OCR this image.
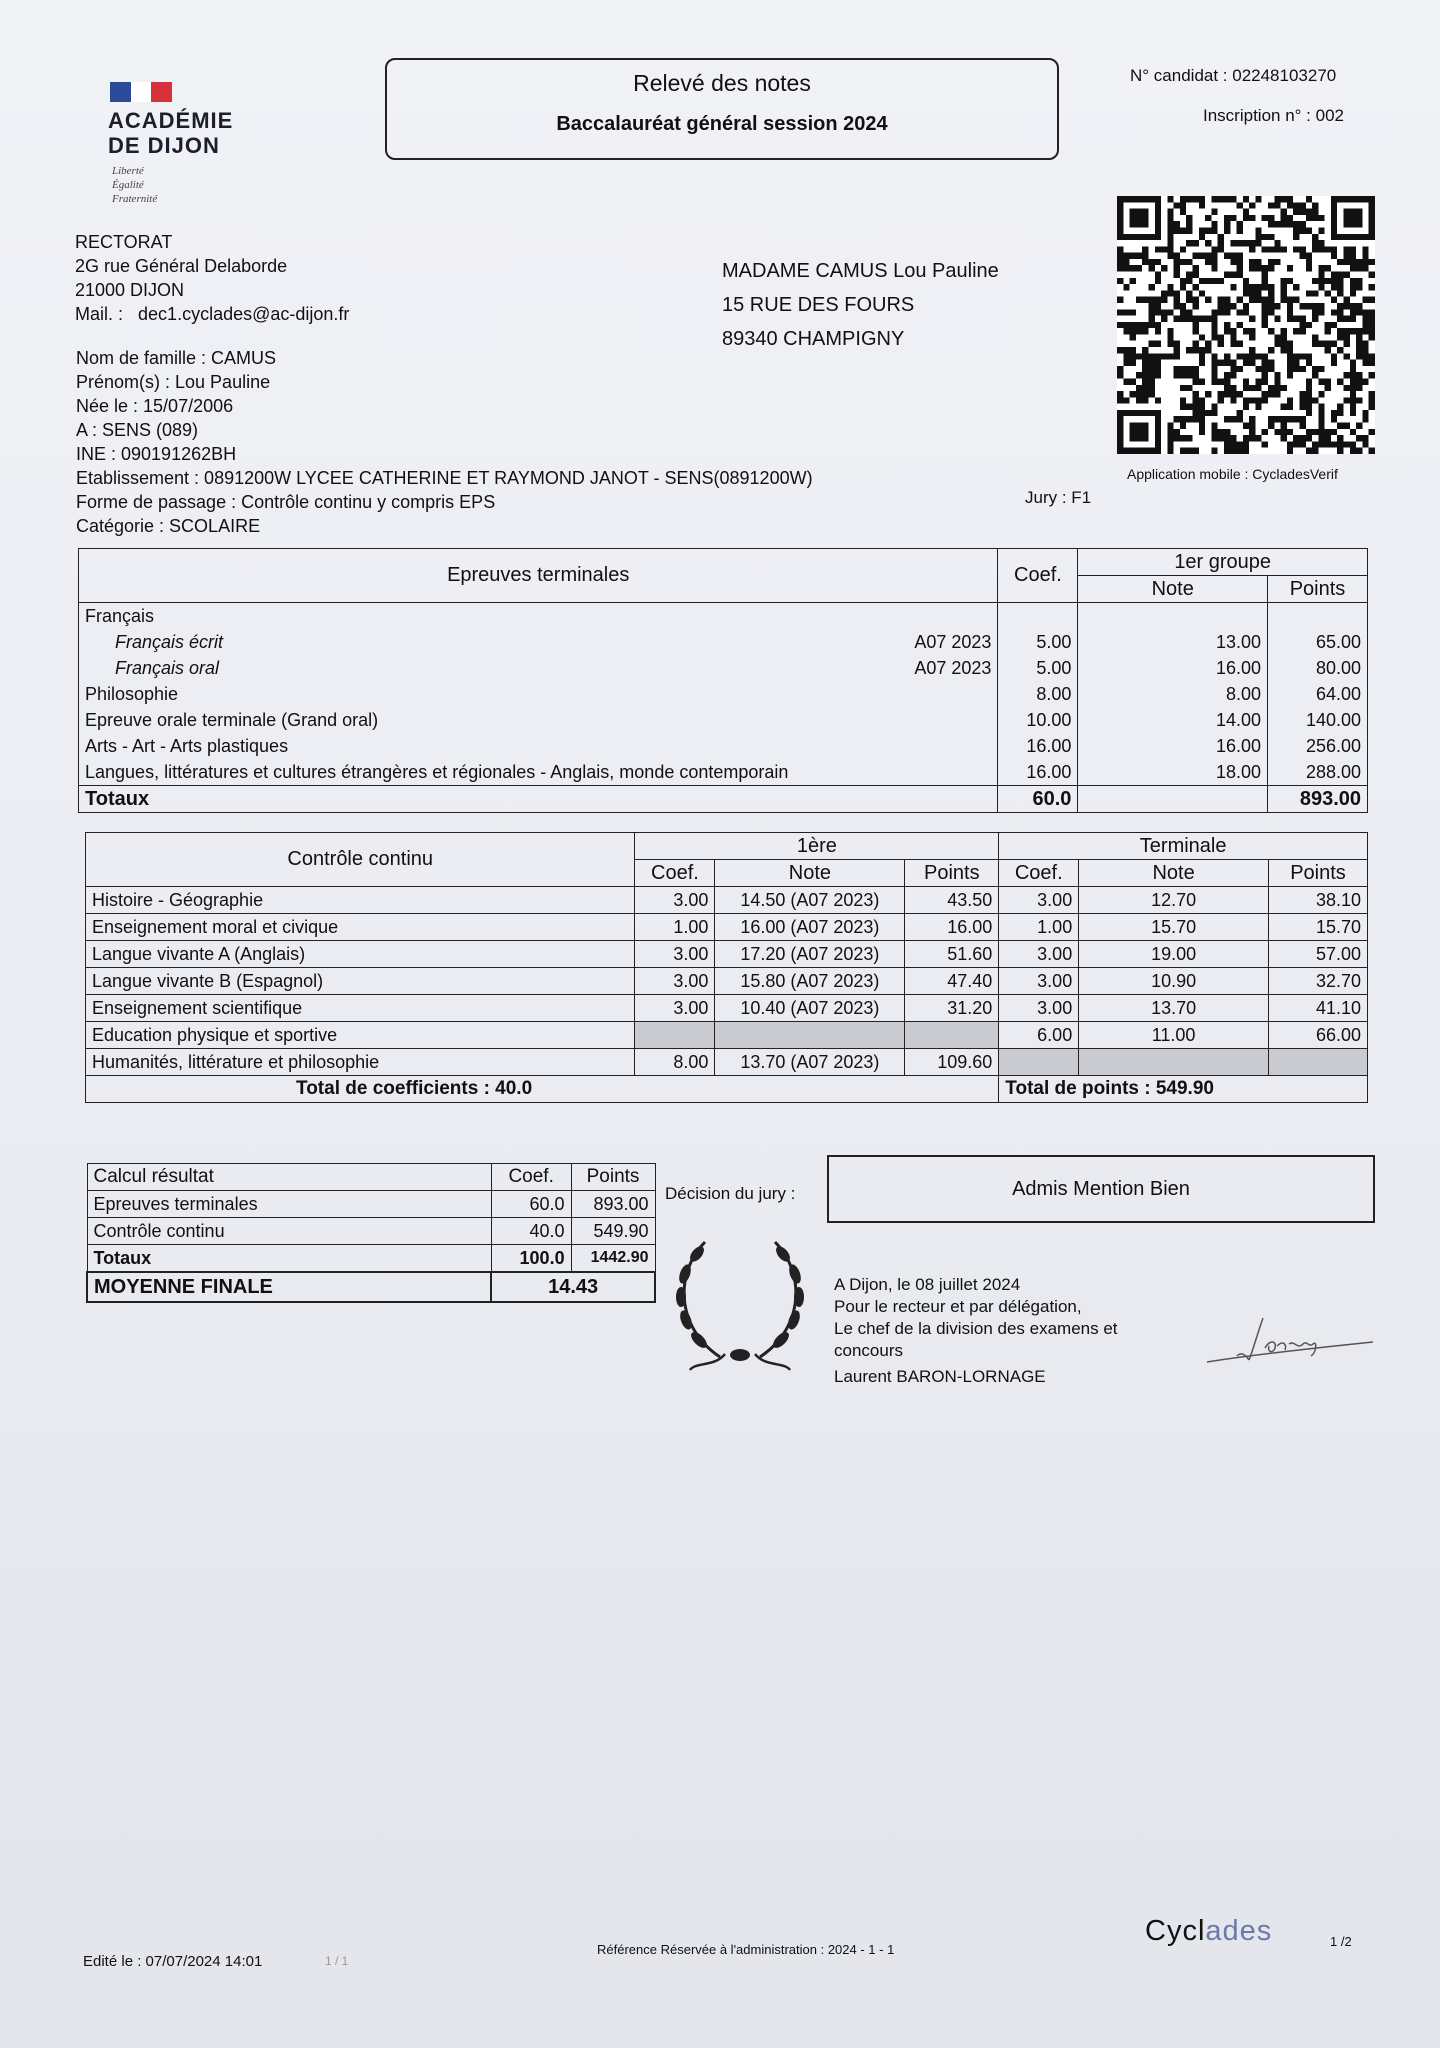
ACADÉMIE
DE DIJON
Liberté
Égalité
Fraternité
Relevé des notes
Baccalauréat général session 2024
N° candidat : 02248103270
Inscription n° : 002
Application mobile : CycladesVerif
RECTORAT
2G rue Général Delaborde
21000 DIJON
Mail. : dec1.cyclades@ac-dijon.fr
MADAME CAMUS Lou Pauline
15 RUE DES FOURS
89340 CHAMPIGNY
Nom de famille : CAMUS
Prénom(s) : Lou Pauline
Née le : 15/07/2006
A : SENS (089)
INE : 090191262BH
Etablissement : 0891200W LYCEE CATHERINE ET RAYMOND JANOT - SENS(0891200W)
Forme de passage : Contrôle continu y compris EPS
Catégorie : SCOLAIRE
Jury : F1
Epreuves terminales	Coef.	1er groupe	
		Note	Points
Français			
Français écrit A07 2023	5.00	13.00	65.00
Français oral A07 2023	5.00	16.00	80.00
Philosophie	8.00	8.00	64.00
Epreuve orale terminale (Grand oral)	10.00	14.00	140.00
Arts - Art - Arts plastiques	16.00	16.00	256.00
Langues, littératures et cultures étrangères et régionales - Anglais, monde contemporain	16.00	18.00	288.00
Totaux	60.0		893.00
Contrôle continu	1ère			Terminale		
	Coef.	Note	Points	Coef.	Note	Points
Histoire - Géographie	3.00	14.50 (A07 2023)	43.50	3.00	12.70	38.10
Enseignement moral et civique	1.00	16.00 (A07 2023)	16.00	1.00	15.70	15.70
Langue vivante A (Anglais)	3.00	17.20 (A07 2023)	51.60	3.00	19.00	57.00
Langue vivante B (Espagnol)	3.00	15.80 (A07 2023)	47.40	3.00	10.90	32.70
Enseignement scientifique	3.00	10.40 (A07 2023)	31.20	3.00	13.70	41.10
Education physique et sportive				6.00	11.00	66.00
Humanités, littérature et philosophie	8.00	13.70 (A07 2023)	109.60			
Total de coefficients : 40.0				Total de points : 549.90		
Calcul résultat	Coef.	Points
Epreuves terminales	60.0	893.00
Contrôle continu	40.0	549.90
Totaux	100.0	1442.90
MOYENNE FINALE	14.43	
Décision du jury :	Admis Mention Bien
A Dijon, le 08 juillet 2024
Pour le recteur et par délégation,
Le chef de la division des examens et
concours
Laurent BARON-LORNAGE
Edité le : 07/07/2024 14:01	1 / 1
Référence Réservée à l'administration : 2024 - 1 - 1
Cyclades	1 /2
